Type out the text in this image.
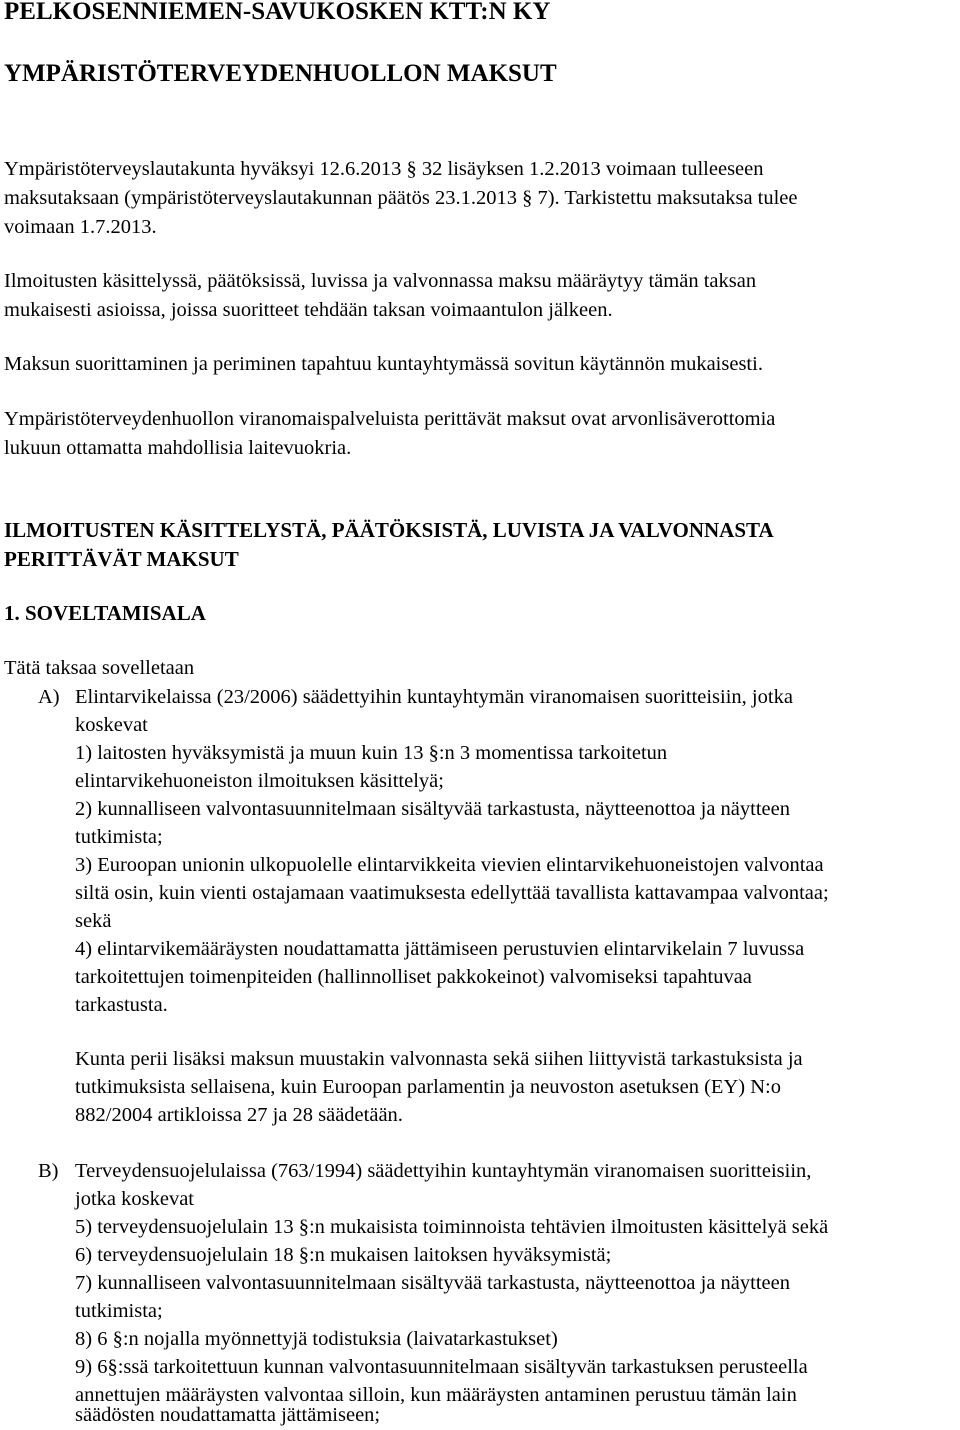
PELKOSENNIEMEN-SAVUKOSKEN KTT:N KY
YMPÄRISTÖTERVEYDENHUOLLON MAKSUT
Ympäristöterveyslautakunta hyväksyi 12.6.2013 § 32 lisäyksen 1.2.2013 voimaan tulleeseen
maksutaksaan (ympäristöterveyslautakunnan päätös 23.1.2013 § 7). Tarkistettu maksutaksa tulee
voimaan 1.7.2013.
Ilmoitusten käsittelyssä, päätöksissä, luvissa ja valvonnassa maksu määräytyy tämän taksan
mukaisesti asioissa, joissa suoritteet tehdään taksan voimaantulon jälkeen.
Maksun suorittaminen ja periminen tapahtuu kuntayhtymässä sovitun käytännön mukaisesti.
Ympäristöterveydenhuollon viranomaispalveluista perittävät maksut ovat arvonlisäverottomia
lukuun ottamatta mahdollisia laitevuokria.
ILMOITUSTEN KÄSITTELYSTÄ, PÄÄTÖKSISTÄ, LUVISTA JA VALVONNASTA
PERITTÄVÄT MAKSUT
1. SOVELTAMISALA
Tätä taksaa sovelletaan
A) Elintarvikelaissa (23/2006) säädettyihin kuntayhtymän viranomaisen suoritteisiin, jotka
koskevat
1) laitosten hyväksymistä ja muun kuin 13 §:n 3 momentissa tarkoitetun
elintarvikehuoneiston ilmoituksen käsittelyä;
2) kunnalliseen valvontasuunnitelmaan sisältyvää tarkastusta, näytteenottoa ja näytteen
tutkimista;
3) Euroopan unionin ulkopuolelle elintarvikkeita vievien elintarvikehuoneistojen valvontaa
siltä osin, kuin vienti ostajamaan vaatimuksesta edellyttää tavallista kattavampaa valvontaa;
sekä
4) elintarvikemääräysten noudattamatta jättämiseen perustuvien elintarvikelain 7 luvussa
tarkoitettujen toimenpiteiden (hallinnolliset pakkokeinot) valvomiseksi tapahtuvaa
tarkastusta.
Kunta perii lisäksi maksun muustakin valvonnasta sekä siihen liittyvistä tarkastuksista ja
tutkimuksista sellaisena, kuin Euroopan parlamentin ja neuvoston asetuksen (EY) N:o
882/2004 artikloissa 27 ja 28 säädetään.
B) Terveydensuojelulaissa (763/1994) säädettyihin kuntayhtymän viranomaisen suoritteisiin,
jotka koskevat
5) terveydensuojelulain 13 §:n mukaisista toiminnoista tehtävien ilmoitusten käsittelyä sekä
6) terveydensuojelulain 18 §:n mukaisen laitoksen hyväksymistä;
7) kunnalliseen valvontasuunnitelmaan sisältyvää tarkastusta, näytteenottoa ja näytteen
tutkimista;
8) 6 §:n nojalla myönnettyjä todistuksia (laivatarkastukset)
9) 6§:ssä tarkoitettuun kunnan valvontasuunnitelmaan sisältyvän tarkastuksen perusteella
annettujen määräysten valvontaa silloin, kun määräysten antaminen perustuu tämän lain
säädösten noudattamatta jättämiseen;
